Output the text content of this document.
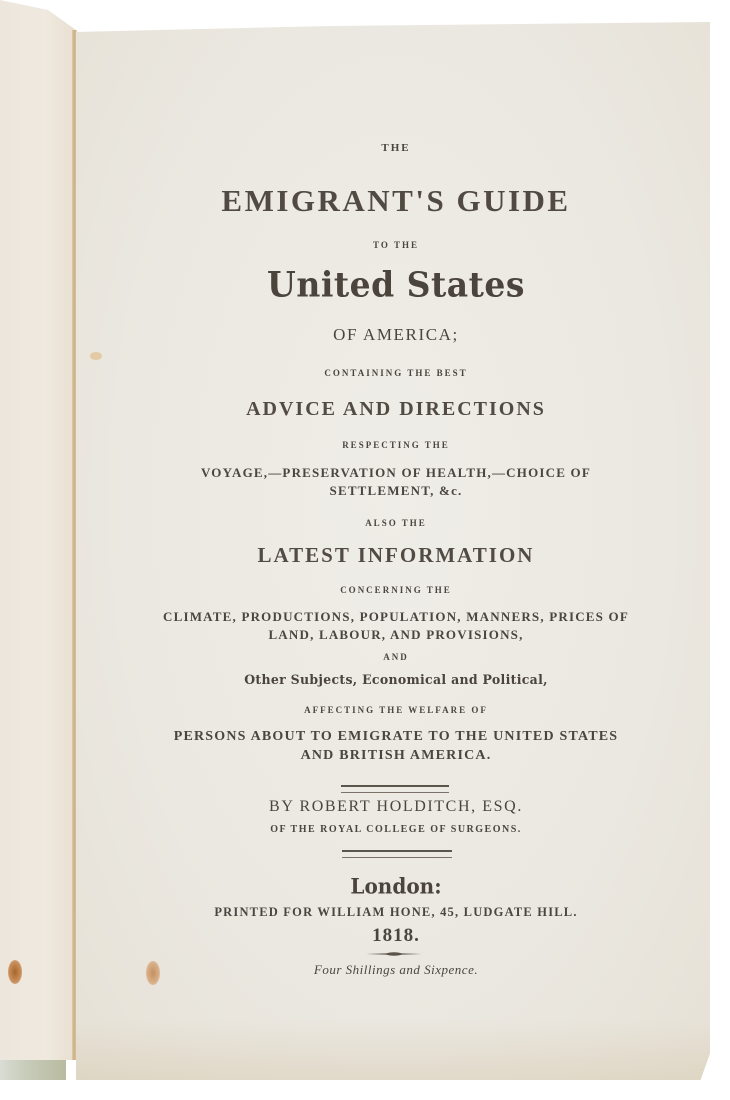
THE
EMIGRANT'S GUIDE
TO THE
United States
OF AMERICA;
CONTAINING THE BEST
ADVICE AND DIRECTIONS
RESPECTING THE
VOYAGE,—PRESERVATION OF HEALTH,—CHOICE OF
SETTLEMENT, &c.
ALSO THE
LATEST INFORMATION
CONCERNING THE
CLIMATE, PRODUCTIONS, POPULATION, MANNERS, PRICES OF
LAND, LABOUR, AND PROVISIONS,
AND
Other Subjects, Economical and Political,
AFFECTING THE WELFARE OF
PERSONS ABOUT TO EMIGRATE TO THE UNITED STATES
AND BRITISH AMERICA.
BY ROBERT HOLDITCH, ESQ.
OF THE ROYAL COLLEGE OF SURGEONS.
London:
PRINTED FOR WILLIAM HONE, 45, LUDGATE HILL.
1818.
Four Shillings and Sixpence.
